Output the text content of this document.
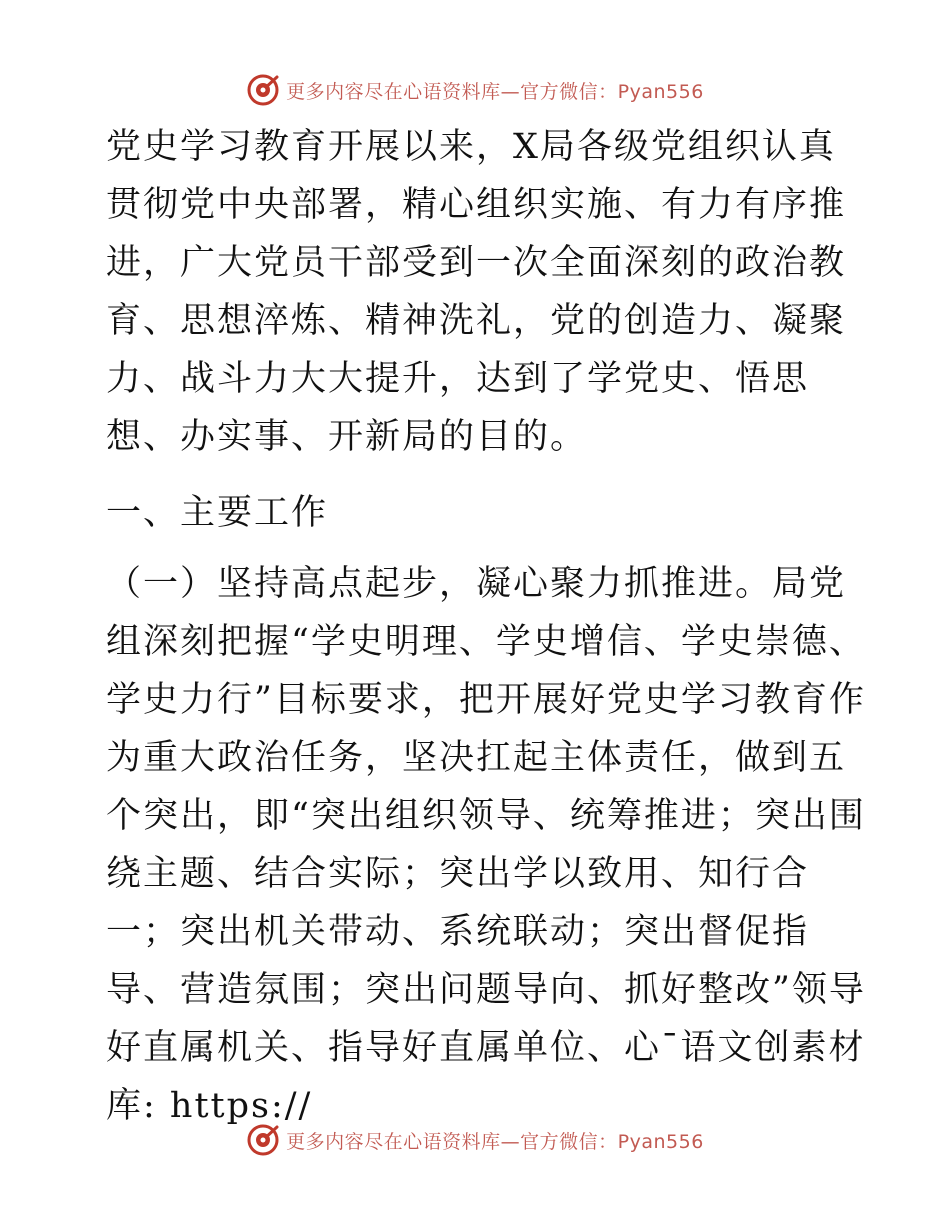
更多内容尽在心语资料库—官方微信：Pyan556

党史学习教育开展以来，X局各级党组织认真贯彻党中央部署，精心组织实施、有力有序推进，广大党员干部受到一次全面深刻的政治教育、思想淬炼、精神洗礼，党的创造力、凝聚力、战斗力大大提升，达到了学党史、悟思想、办实事、开新局的目的。

一、主要工作

（一）坚持高点起步，凝心聚力抓推进。局党组深刻把握“学史明理、学史增信、学史崇德、学史力行”目标要求，把开展好党史学习教育作为重大政治任务，坚决扛起主体责任，做到五个突出，即“突出组织领导、统筹推进；突出围绕主题、结合实际；突出学以致用、知行合一；突出机关带动、系统联动；突出督促指导、营造氛围；突出问题导向、抓好整改”领导好直属机关、指导好直属单位、心¯语文创素材库: https://

更多内容尽在心语资料库—官方微信：Pyan556
